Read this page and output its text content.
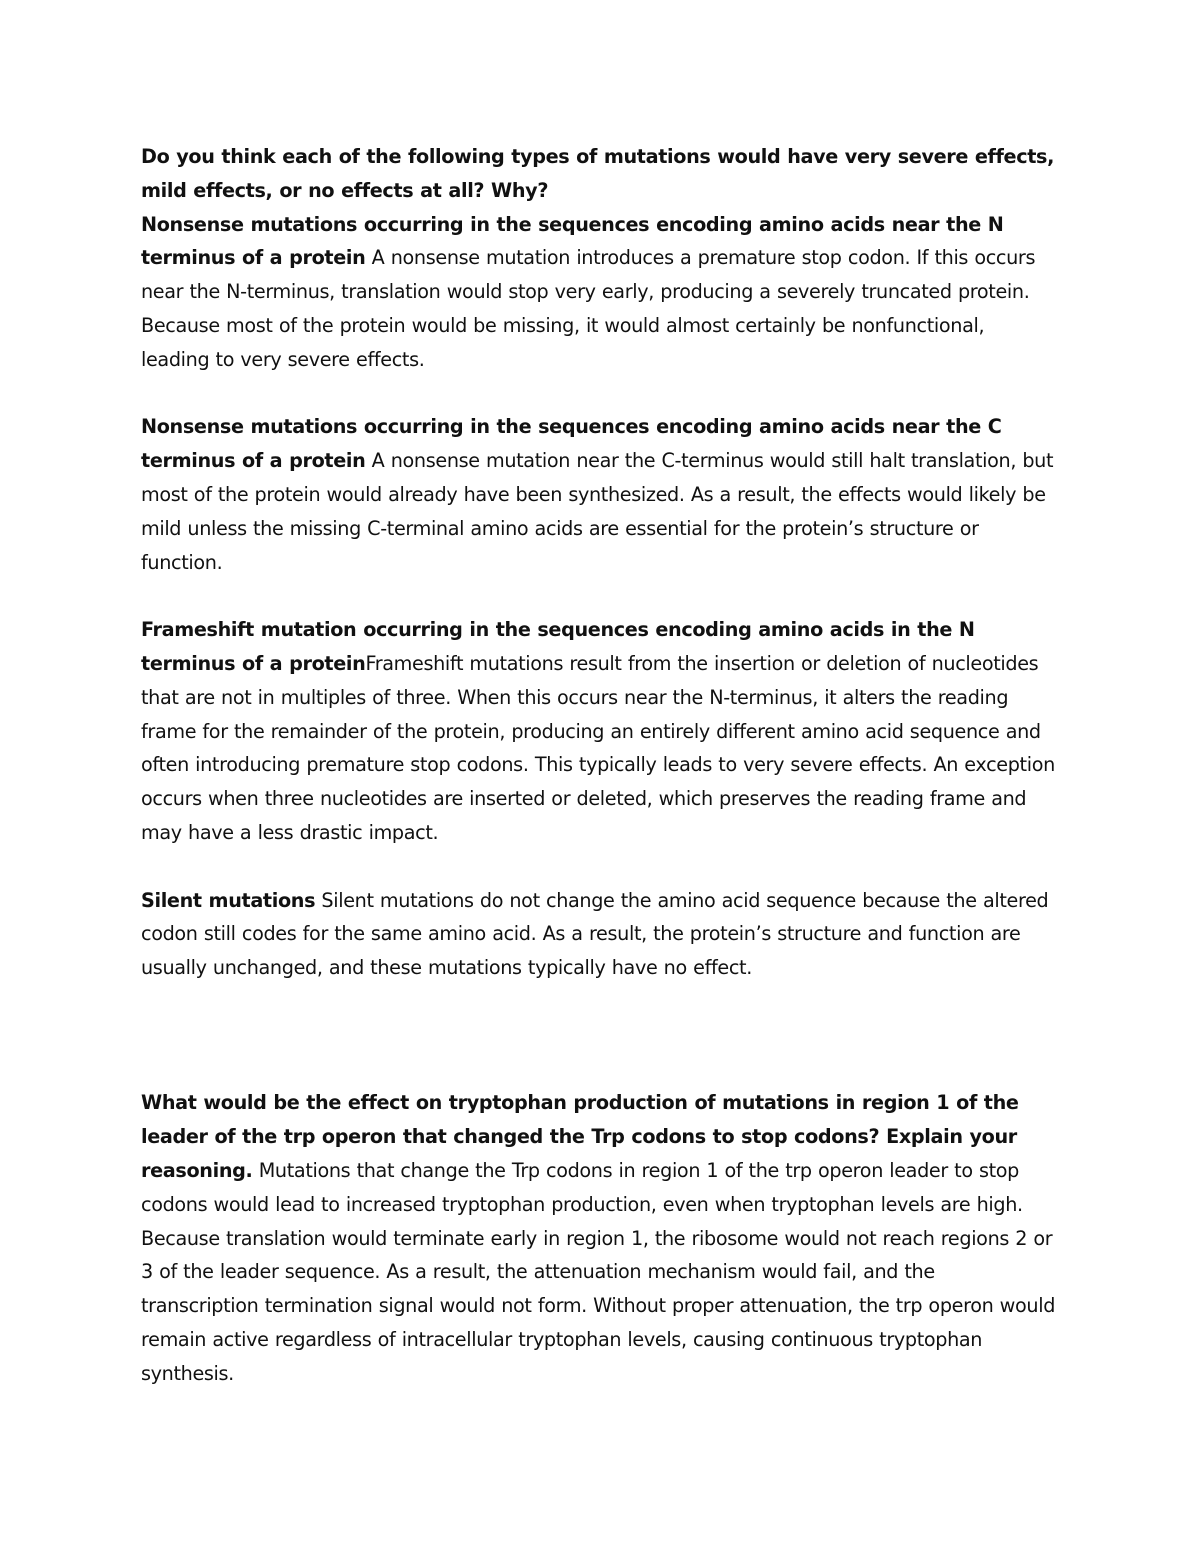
Do you think each of the following types of mutations would have very severe effects, mild effects, or no effects at all? Why?

Nonsense mutations occurring in the sequences encoding amino acids near the N terminus of a protein A nonsense mutation introduces a premature stop codon. If this occurs near the N-terminus, translation would stop very early, producing a severely truncated protein. Because most of the protein would be missing, it would almost certainly be nonfunctional, leading to very severe effects.

Nonsense mutations occurring in the sequences encoding amino acids near the C terminus of a protein A nonsense mutation near the C-terminus would still halt translation, but most of the protein would already have been synthesized. As a result, the effects would likely be mild unless the missing C-terminal amino acids are essential for the protein’s structure or function.

Frameshift mutation occurring in the sequences encoding amino acids in the N terminus of a proteinFrameshift mutations result from the insertion or deletion of nucleotides that are not in multiples of three. When this occurs near the N-terminus, it alters the reading frame for the remainder of the protein, producing an entirely different amino acid sequence and often introducing premature stop codons. This typically leads to very severe effects. An exception occurs when three nucleotides are inserted or deleted, which preserves the reading frame and may have a less drastic impact.

Silent mutations Silent mutations do not change the amino acid sequence because the altered codon still codes for the same amino acid. As a result, the protein’s structure and function are usually unchanged, and these mutations typically have no effect.

What would be the effect on tryptophan production of mutations in region 1 of the leader of the trp operon that changed the Trp codons to stop codons? Explain your reasoning. Mutations that change the Trp codons in region 1 of the trp operon leader to stop codons would lead to increased tryptophan production, even when tryptophan levels are high. Because translation would terminate early in region 1, the ribosome would not reach regions 2 or 3 of the leader sequence. As a result, the attenuation mechanism would fail, and the transcription termination signal would not form. Without proper attenuation, the trp operon would remain active regardless of intracellular tryptophan levels, causing continuous tryptophan synthesis.
